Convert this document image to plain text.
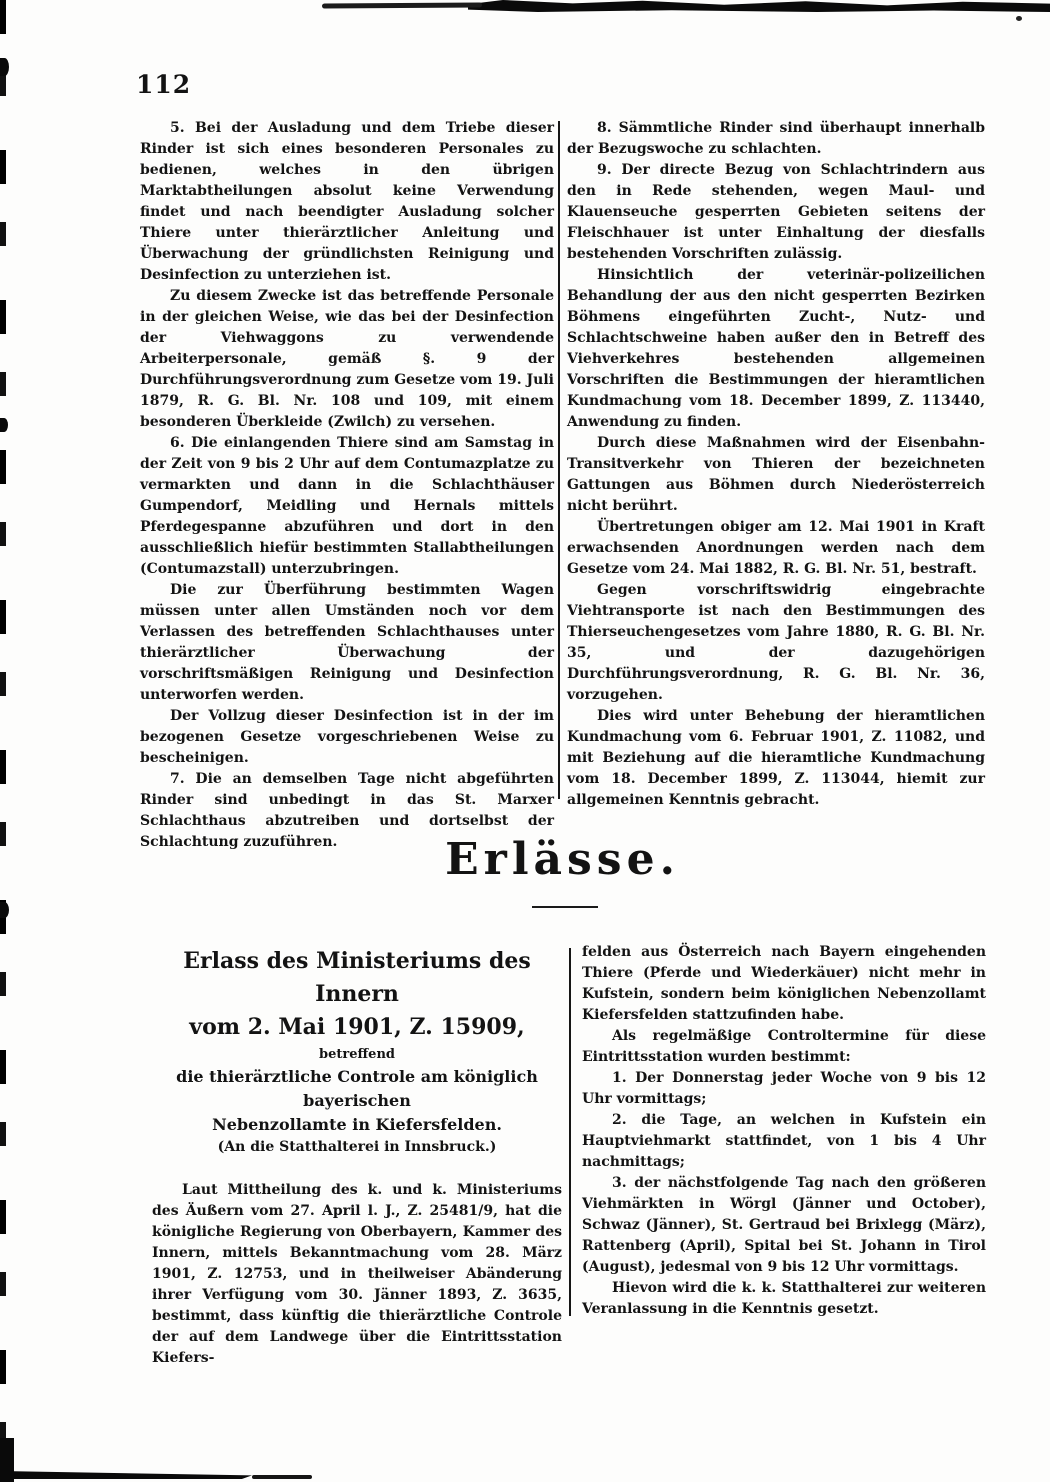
112

5. Bei der Ausladung und dem Triebe dieser Rinder ist sich eines besonderen Personales zu bedienen, welches in den übrigen Marktabtheilungen absolut keine Verwendung findet und nach beendigter Ausladung solcher Thiere unter thierärztlicher Anleitung und Überwachung der gründlichsten Reinigung und Desinfection zu unterziehen ist.

Zu diesem Zwecke ist das betreffende Personale in der gleichen Weise, wie das bei der Desinfection der Viehwaggons zu verwendende Arbeiterpersonale, gemäß §. 9 der Durchführungsverordnung zum Gesetze vom 19. Juli 1879, R. G. Bl. Nr. 108 und 109, mit einem besonderen Überkleide (Zwilch) zu versehen.

6. Die einlangenden Thiere sind am Samstag in der Zeit von 9 bis 2 Uhr auf dem Contumazplatze zu vermarkten und dann in die Schlachthäuser Gumpendorf, Meidling und Hernals mittels Pferdegespanne abzuführen und dort in den ausschließlich hiefür bestimmten Stallabtheilungen (Contumazstall) unterzubringen.

Die zur Überführung bestimmten Wagen müssen unter allen Umständen noch vor dem Verlassen des betreffenden Schlachthauses unter thierärztlicher Überwachung der vorschriftsmäßigen Reinigung und Desinfection unterworfen werden.

Der Vollzug dieser Desinfection ist in der im bezogenen Gesetze vorgeschriebenen Weise zu bescheinigen.

7. Die an demselben Tage nicht abgeführten Rinder sind unbedingt in das St. Marxer Schlachthaus abzutreiben und dortselbst der Schlachtung zuzuführen.

8. Sämmtliche Rinder sind überhaupt innerhalb der Bezugswoche zu schlachten.

9. Der directe Bezug von Schlachtrindern aus den in Rede stehenden, wegen Maul- und Klauenseuche gesperrten Gebieten seitens der Fleischhauer ist unter Einhaltung der diesfalls bestehenden Vorschriften zulässig.

Hinsichtlich der veterinär-polizeilichen Behandlung der aus den nicht gesperrten Bezirken Böhmens eingeführten Zucht-, Nutz- und Schlachtschweine haben außer den in Betreff des Viehverkehres bestehenden allgemeinen Vorschriften die Bestimmungen der hieramtlichen Kundmachung vom 18. December 1899, Z. 113440, Anwendung zu finden.

Durch diese Maßnahmen wird der Eisenbahn-Transitverkehr von Thieren der bezeichneten Gattungen aus Böhmen durch Niederösterreich nicht berührt.

Übertretungen obiger am 12. Mai 1901 in Kraft erwachsenden Anordnungen werden nach dem Gesetze vom 24. Mai 1882, R. G. Bl. Nr. 51, bestraft.

Gegen vorschriftswidrig eingebrachte Viehtransporte ist nach den Bestimmungen des Thierseuchengesetzes vom Jahre 1880, R. G. Bl. Nr. 35, und der dazugehörigen Durchführungsverordnung, R. G. Bl. Nr. 36, vorzugehen.

Dies wird unter Behebung der hieramtlichen Kundmachung vom 6. Februar 1901, Z. 11082, und mit Beziehung auf die hieramtliche Kundmachung vom 18. December 1899, Z. 113044, hiemit zur allgemeinen Kenntnis gebracht.

Erlässe.

Erlass des Ministeriums des Innern

vom 2. Mai 1901, Z. 15909,

betreffend

die thierärztliche Controle am königlich bayerischen

Nebenzollamte in Kiefersfelden.

(An die Statthalterei in Innsbruck.)

Laut Mittheilung des k. und k. Ministeriums des Äußern vom 27. April l. J., Z. 25481/9, hat die königliche Regierung von Oberbayern, Kammer des Innern, mittels Bekanntmachung vom 28. März 1901, Z. 12753, und in theilweiser Abänderung ihrer Verfügung vom 30. Jänner 1893, Z. 3635, bestimmt, dass künftig die thierärztliche Controle der auf dem Landwege über die Eintrittsstation Kiefers-

felden aus Österreich nach Bayern eingehenden Thiere (Pferde und Wiederkäuer) nicht mehr in Kufstein, sondern beim königlichen Nebenzollamt Kiefersfelden stattzufinden habe.

Als regelmäßige Controltermine für diese Eintrittsstation wurden bestimmt:

1. Der Donnerstag jeder Woche von 9 bis 12 Uhr vormittags;

2. die Tage, an welchen in Kufstein ein Hauptviehmarkt stattfindet, von 1 bis 4 Uhr nachmittags;

3. der nächstfolgende Tag nach den größeren Viehmärkten in Wörgl (Jänner und October), Schwaz (Jänner), St. Gertraud bei Brixlegg (März), Rattenberg (April), Spital bei St. Johann in Tirol (August), jedesmal von 9 bis 12 Uhr vormittags.

Hievon wird die k. k. Statthalterei zur weiteren Veranlassung in die Kenntnis gesetzt.
